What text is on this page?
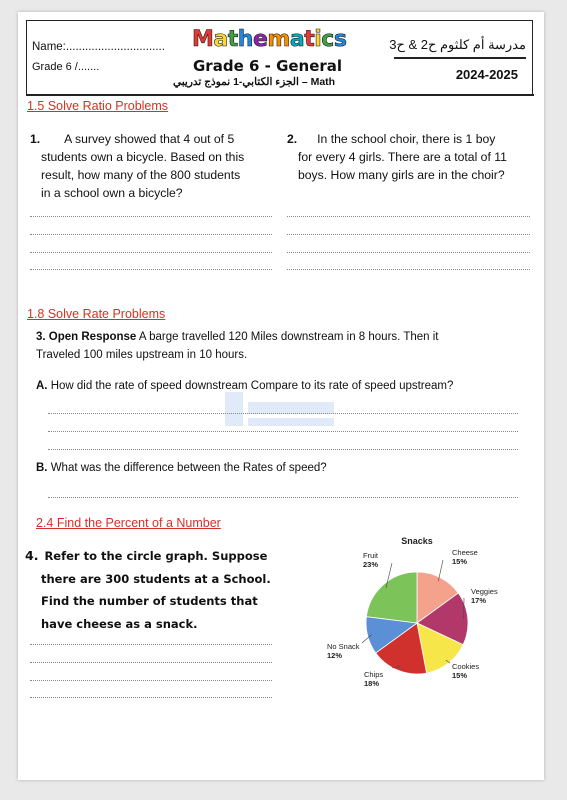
Name:...............................
Grade 6 /.......
Mathematics
Grade 6 - General
الجزء الكتابي-1 نموذج تدريبي – Math
مدرسة أم كلثوم ح2 & ح3
2024-2025
1.5 Solve Ratio Problems
1. A survey showed that 4 out of 5
students own a bicycle. Based on this
result, how many of the 800 students
in a school own a bicycle?
2. In the school choir, there is 1 boy
for every 4 girls. There are a total of 11
boys. How many girls are in the choir?
1.8 Solve Rate Problems
3. Open Response A barge travelled 120 Miles downstream in 8 hours. Then it
Traveled 100 miles upstream in 10 hours.
A. How did the rate of speed downstream Compare to its rate of speed upstream?
B. What was the difference between the Rates of speed?
2.4 Find the Percent of a Number
4. Refer to the circle graph. Suppose
there are 300 students at a School.
Find the number of students that
have cheese as a snack.
Snacks
Cheese
15%
Veggies
17%
Cookies
15%
Chips
18%
No Snack
12%
Fruit
23%
